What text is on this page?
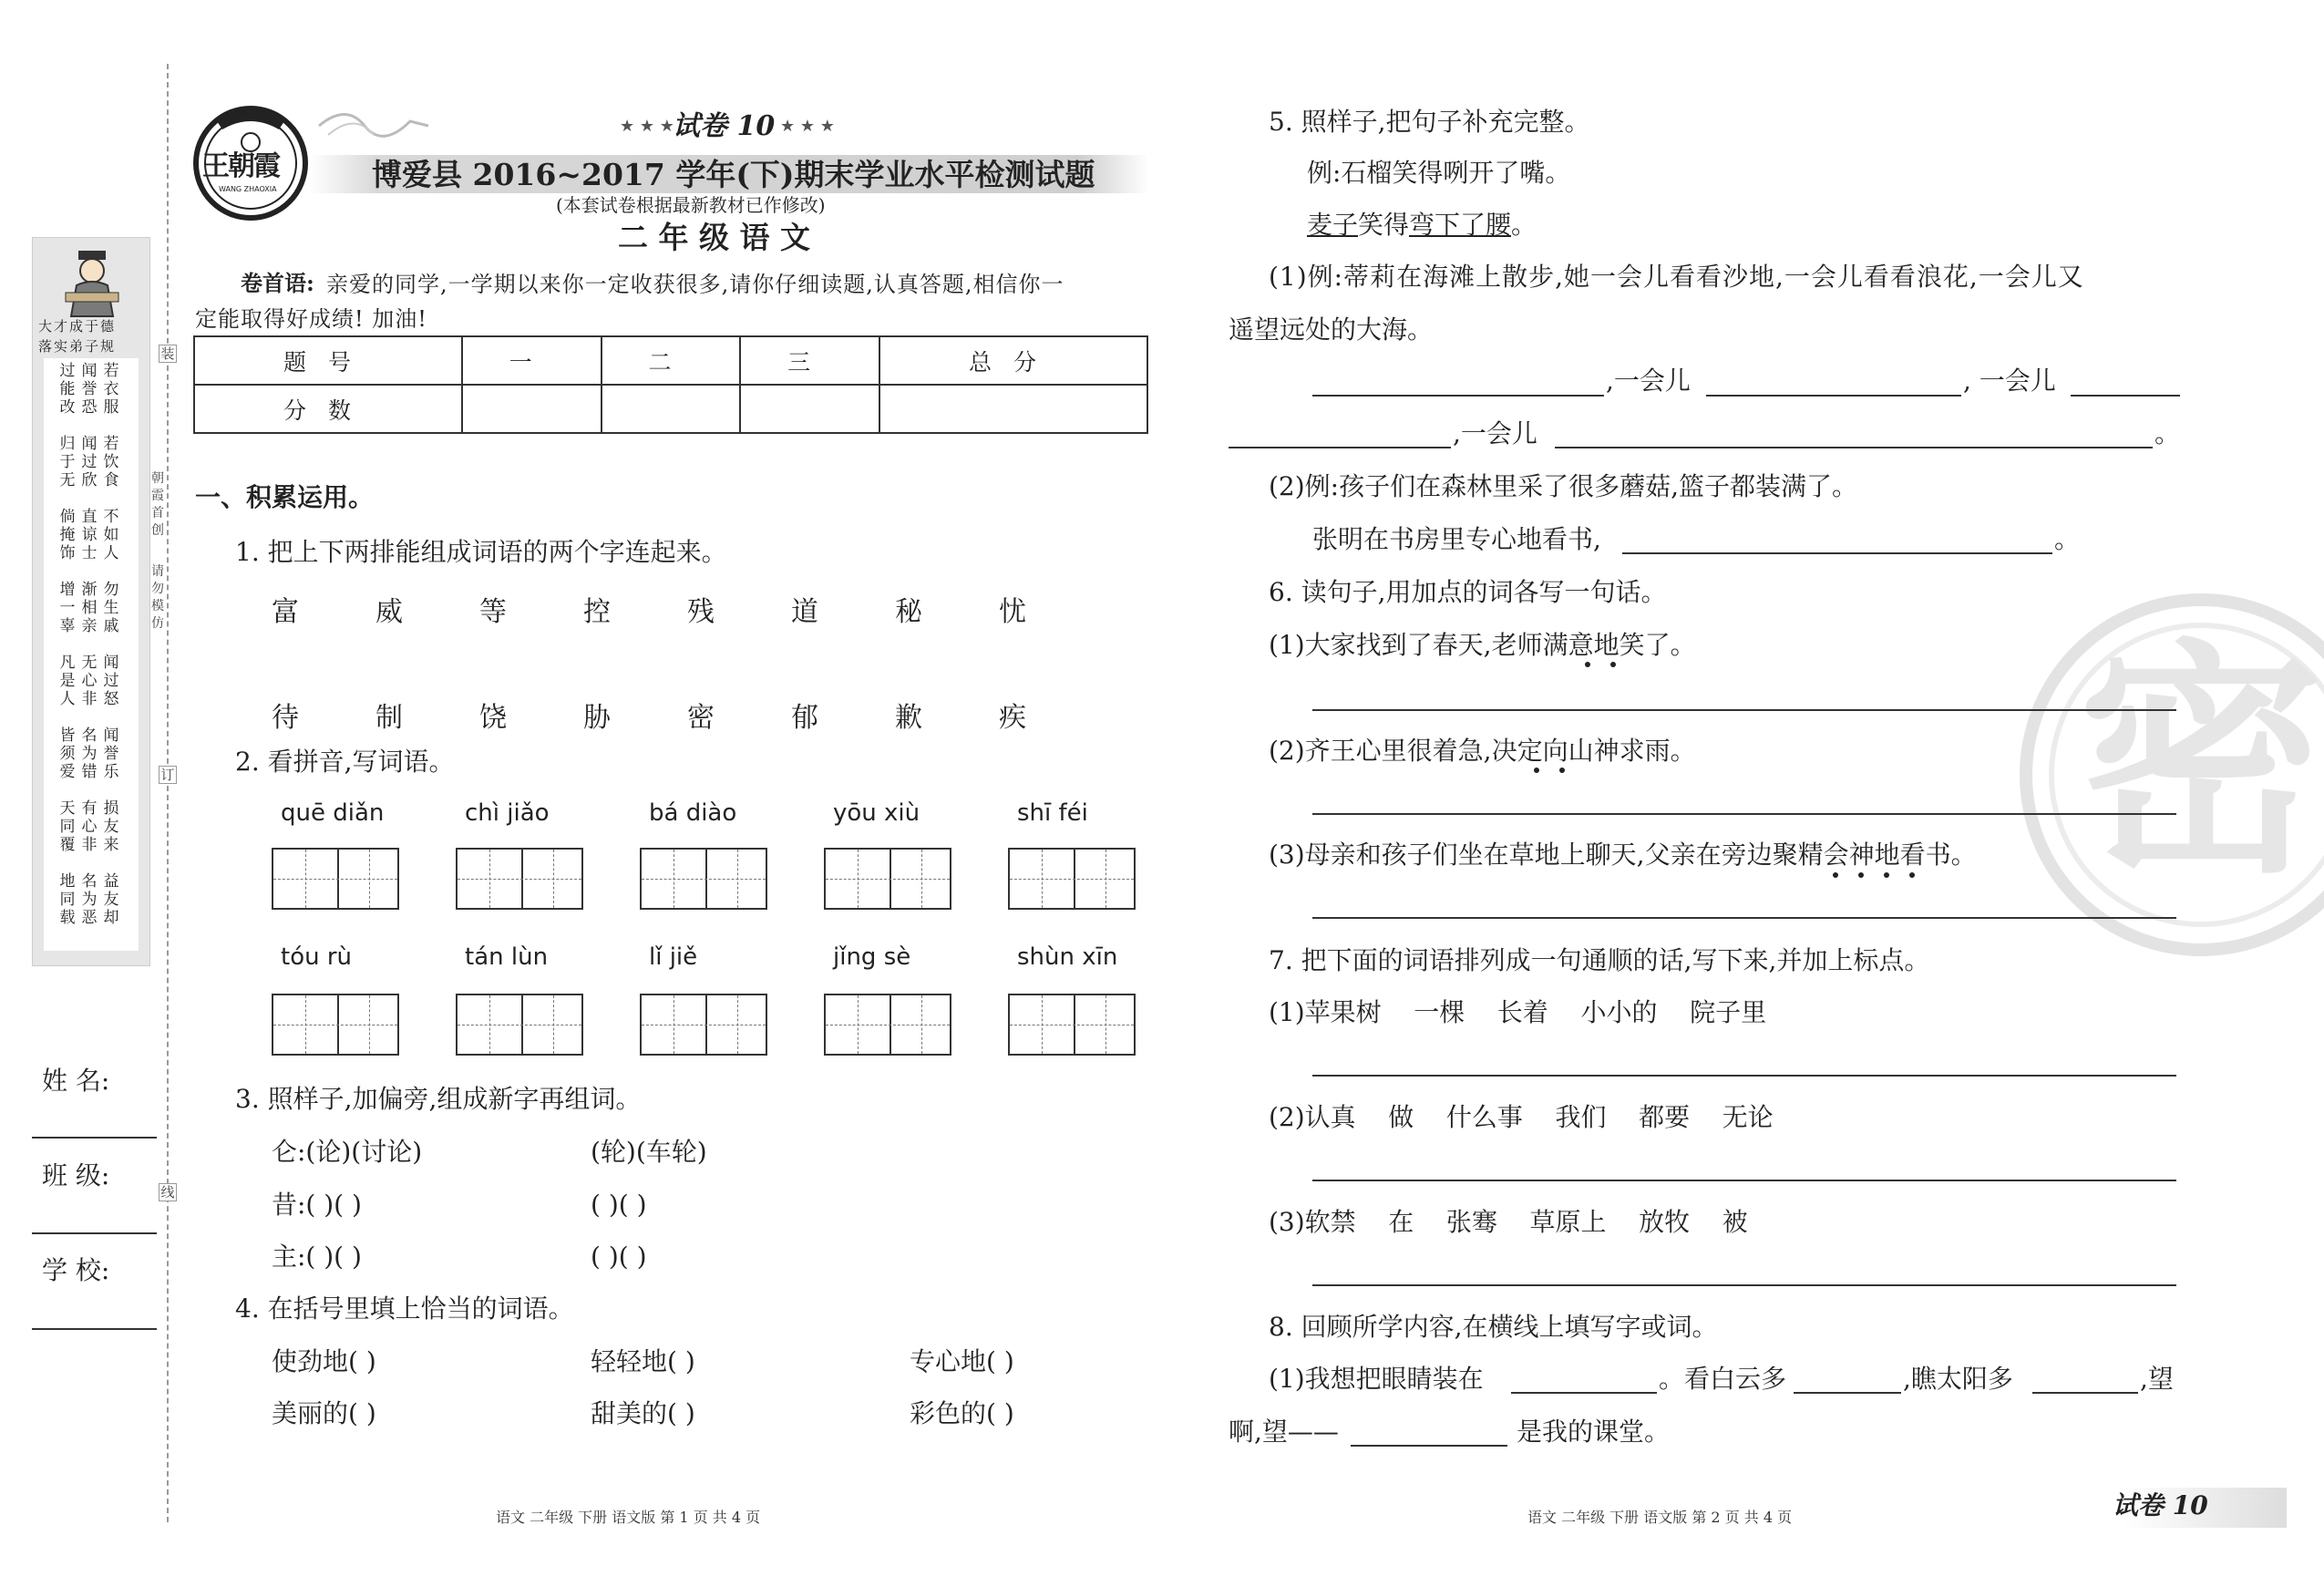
大才成于德
落实弟子规
过能改
闻誉恐
若衣服
归于无
闻过欣
若饮食
倘掩饰
直谅士
不如人
增一辜
渐相亲
勿生戚
凡是人
无心非
闻过怒
皆须爱
名为错
闻誉乐
天同覆
有心非
损友来
地同载
名为恶
益友却
装
订
线
朝霞首创
请勿模仿
姓 名:
班 级:
学 校:
王朝霞
WANG ZHAOXIA
★ ★ ★
试卷 10 ★ ★ ★
博爱县 2016~2017 学年(下)期末学业水平检测试题
(本套试卷根据最新教材已作修改)
二 年 级 语 文
卷首语: 亲爱的同学,一学期以来你一定收获很多,请你仔细读题,认真答题,相信你一
定能取得好成绩! 加油!
题号	一	二	三	总分
分数				
一、积累运用。
1. 把上下两排能组成词语的两个字连起来。
富	威	等	控	残	道	秘	忧
待	制	饶	胁	密	郁	歉	疾
2. 看拼音,写词语。
quē diǎn	chì jiǎo	bá diào	yōu xiù	shī féi
tóu rù	tán lùn	lǐ jiě	jǐng sè	shùn xīn
3. 照样子,加偏旁,组成新字再组词。
仑:(论)(讨论)	(轮)(车轮)
昔:( )( )	( )( )
主:( )( )	( )( )
4. 在括号里填上恰当的词语。
使劲地( )	轻轻地( )	专心地( )
美丽的( )	甜美的( )	彩色的( )
语文 二年级 下册 语文版 第 1 页 共 4 页
密
5. 照样子,把句子补充完整。
例:石榴笑得咧开了嘴。
麦子 笑得 弯下了腰 。
(1)例:蒂莉在海滩上散步,她一会儿看看沙地,一会儿看看浪花,一会儿又
遥望远处的大海。
,一会儿	, 一会儿
,一会儿	。
(2)例:孩子们在森林里采了很多蘑菇,篮子都装满了。
张明在书房里专心地看书,	。
6. 读句子,用加点的词各写一句话。
(1)大家找到了春天,老师满意地笑了。
(2)齐王心里很着急,决定向山神求雨。
(3)母亲和孩子们坐在草地上聊天,父亲在旁边聚精会神地看书。
7. 把下面的词语排列成一句通顺的话,写下来,并加上标点。
(1)苹果树    一棵    长着    小小的    院子里
(2)认真    做    什么事    我们    都要    无论
(3)软禁    在    张骞    草原上    放牧    被
8. 回顾所学内容,在横线上填写字或词。
(1)我想把眼睛装在	。看白云多	,瞧太阳多	,望
啊,望——	是我的课堂。
语文 二年级 下册 语文版 第 2 页 共 4 页	试卷 10
